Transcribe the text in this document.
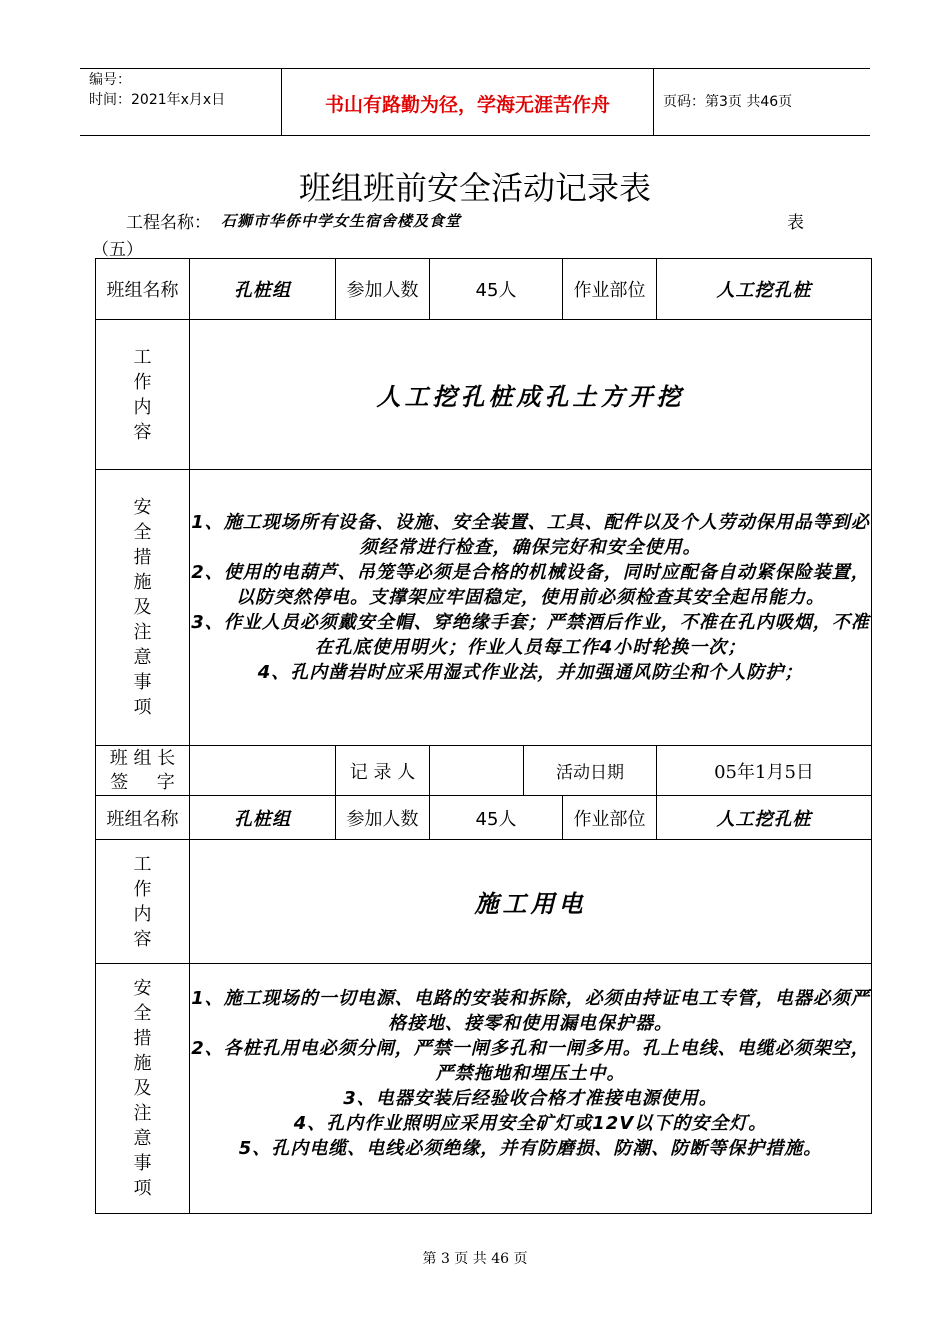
编号：
时间：2021年x月x日	书山有路勤为径，学海无涯苦作舟	页码：第3页 共46页
班组班前安全活动记录表
工程名称： 石狮市华侨中学女生宿舍楼及食堂	表
（五）
班组名称	孔桩组	参加人数	45人		作业部位	人工挖孔桩
工作内容	人工挖孔桩成孔土方开挖					
安全措施及注意事项	1、施工现场所有设备、设施、安全装置、工具、配件以及个人劳动保用品等到必须经常进行检查，确保完好和安全使用。
2、使用的电葫芦、吊笼等必须是合格的机械设备，同时应配备自动紧保险装置，以防突然停电。支撑架应牢固稳定，使用前必须检查其安全起吊能力。
3、作业人员必须戴安全帽、穿绝缘手套；严禁酒后作业，不准在孔内吸烟，不准在孔底使用明火；作业人员每工作4小时轮换一次；
4、孔内凿岩时应采用湿式作业法，并加强通风防尘和个人防护；					

班 组 长
签     字		记 录 人		活动日期		05年1月5日
班组名称	孔桩组	参加人数	45人		作业部位	人工挖孔桩
工作内容	施工用电					
安全措施及注意事项	1、施工现场的一切电源、电路的安装和拆除，必须由持证电工专管，电器必须严格接地、接零和使用漏电保护器。
2、各桩孔用电必须分闸，严禁一闸多孔和一闸多用。孔上电线、电缆必须架空，严禁拖地和埋压土中。
3、电器安装后经验收合格才准接电源使用。
4、孔内作业照明应采用安全矿灯或12V以下的安全灯。
5、孔内电缆、电线必须绝缘，并有防磨损、防潮、防断等保护措施。					
第 3 页 共 46 页
